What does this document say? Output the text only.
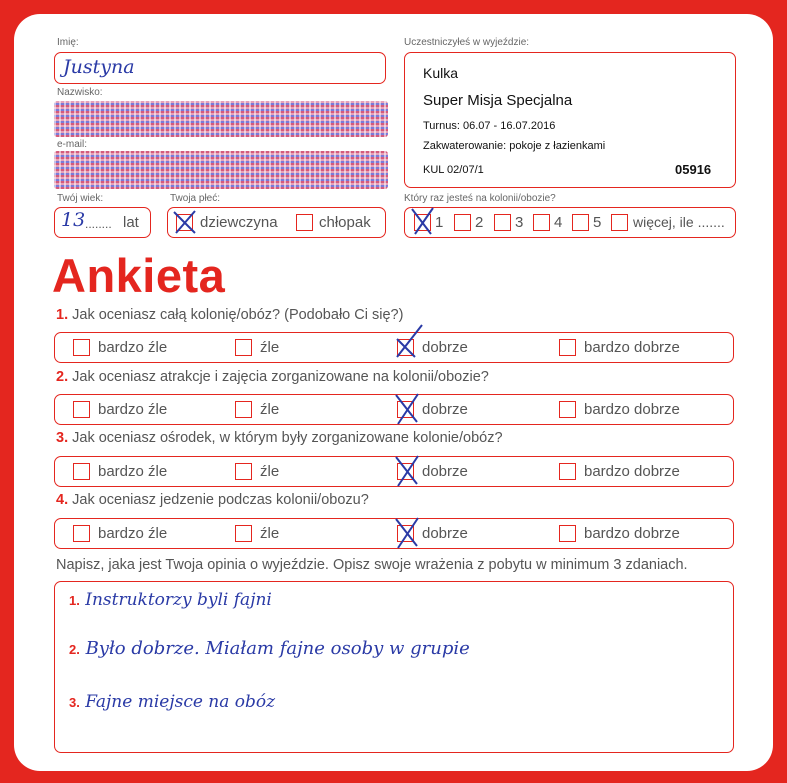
Imię:
Justyna
Nazwisko:
e-mail:
Twój wiek:
13 ........ lat
Twoja płeć:
dziewczyna	chłopak
Uczestniczyłeś w wyjeździe:
Kulka
Super Misja Specjalna
Turnus: 06.07 - 16.07.2016
Zakwaterowanie: pokoje z łazienkami
KUL 02/07/1	05916
Który raz jesteś na kolonii/obozie?
1 2 3 4 5 więcej, ile .......
Ankieta
1. Jak oceniasz całą kolonię/obóz? (Podobało Ci się?)
bardzo źle	źle	dobrze	bardzo dobrze
2. Jak oceniasz atrakcje i zajęcia zorganizowane na kolonii/obozie?
bardzo źle	źle	dobrze	bardzo dobrze
3. Jak oceniasz ośrodek, w którym były zorganizowane kolonie/obóz?
bardzo źle	źle	dobrze	bardzo dobrze
4. Jak oceniasz jedzenie podczas kolonii/obozu?
bardzo źle	źle	dobrze	bardzo dobrze
Napisz, jaka jest Twoja opinia o wyjeździe. Opisz swoje wrażenia z pobytu w minimum 3 zdaniach.
1. Instruktorzy byli fajni
2. Było dobrze. Miałam fajne osoby w grupie
3. Fajne miejsce na obóz
